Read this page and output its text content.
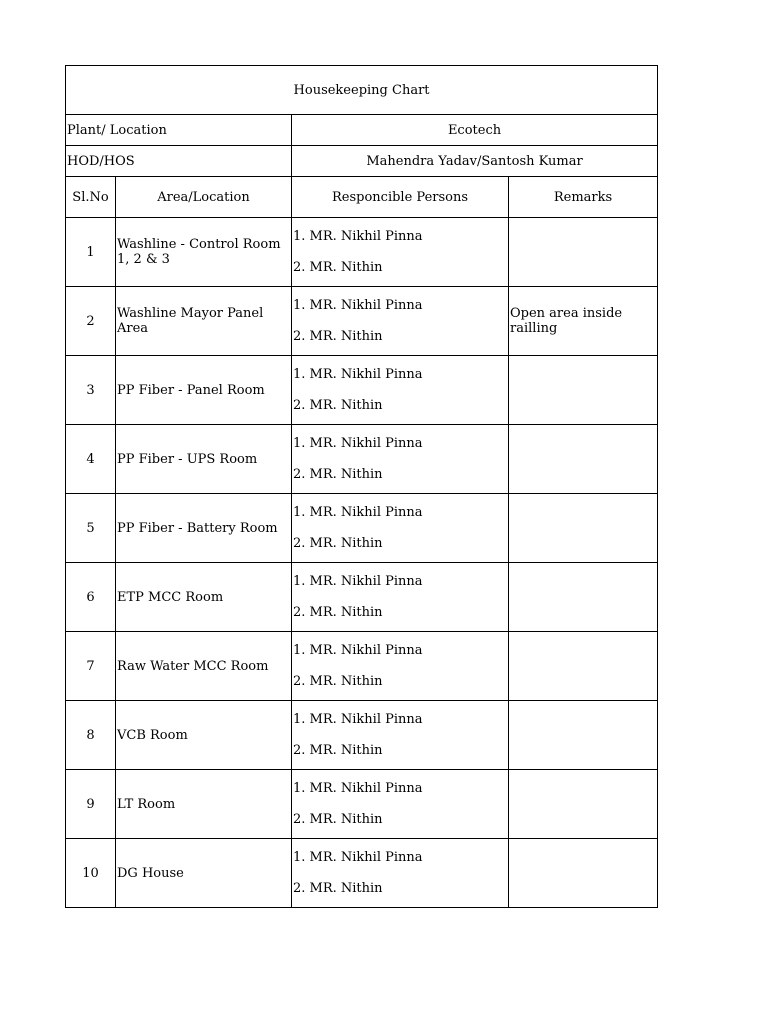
Housekeeping Chart			
Plant/ Location		Ecotech	
HOD/HOS		Mahendra Yadav/Santosh Kumar	
Sl.No	Area/Location	Responcible Persons	Remarks
1	Washline - Control Room 1, 2 & 3	1. MR. Nikhil Pinna
2. MR. Nithin	

2	Washline Mayor Panel Area	1. MR. Nikhil Pinna
2. MR. Nithin	Open area inside railling
3	PP Fiber - Panel Room	1. MR. Nikhil Pinna
2. MR. Nithin	

4	PP Fiber - UPS Room	1. MR. Nikhil Pinna
2. MR. Nithin	

5	PP Fiber - Battery Room	1. MR. Nikhil Pinna
2. MR. Nithin	

6	ETP MCC Room	1. MR. Nikhil Pinna
2. MR. Nithin	

7	Raw Water MCC Room	1. MR. Nikhil Pinna
2. MR. Nithin	

8	VCB Room	1. MR. Nikhil Pinna
2. MR. Nithin	

9	LT Room	1. MR. Nikhil Pinna
2. MR. Nithin	

10	DG House	1. MR. Nikhil Pinna
2. MR. Nithin	
